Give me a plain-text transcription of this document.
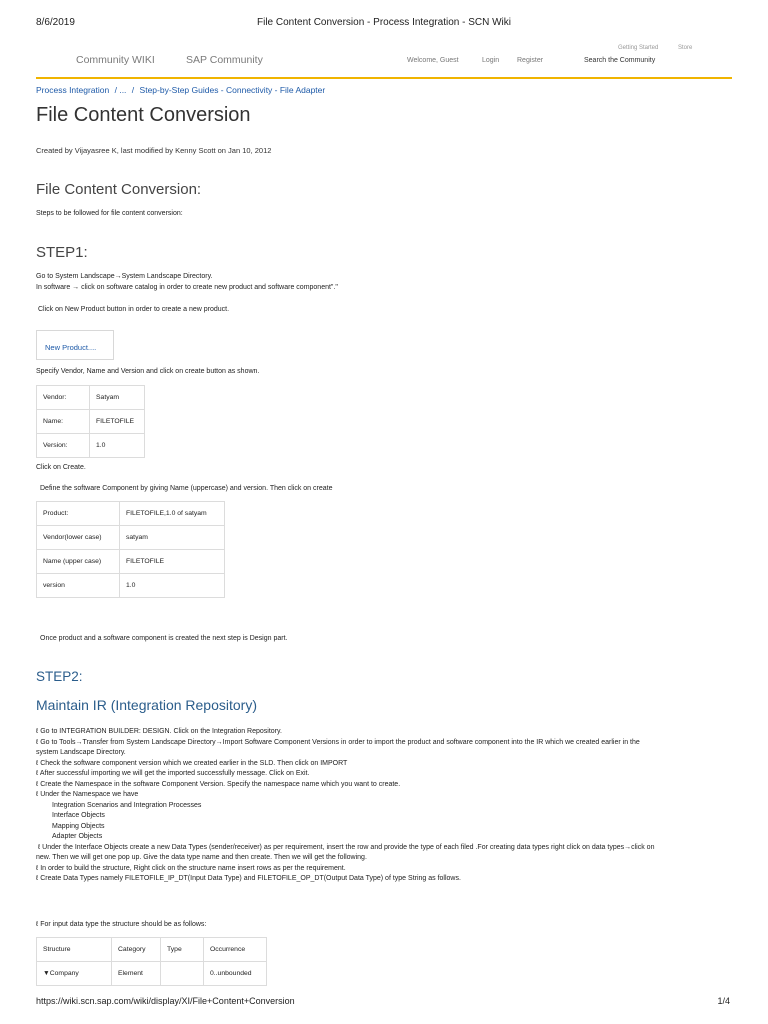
8/6/2019	File Content Conversion - Process Integration - SCN Wiki
Community WIKI	SAP Community
Getting Started	Store
Welcome, Guest	Login	Register	Search the Community
Process Integration / ... / Step-by-Step Guides - Connectivity - File Adapter
File Content Conversion
Created by Vijayasree K, last modified by Kenny Scott on Jan 10, 2012
File Content Conversion:
Steps to be followed for file content conversion:
STEP1:
Go to System Landscape→System Landscape Directory.
In software → click on software catalog in order to create new product and software component"."
Click on New Product button in order to create a new product.
New Product....
Specify Vendor, Name and Version and click on create button as shown.
Vendor:	Satyam
Name:	FILETOFILE
Version:	1.0
Click on Create.
Define the software Component by giving Name (uppercase) and version. Then click on create
Product:	FILETOFILE,1.0 of satyam
Vendor(lower case)	satyam
Name (upper case)	FILETOFILE
version	1.0
Once product and a software component is created the next step is Design part.
STEP2:
Maintain IR (Integration Repository)
ℓ Go to INTEGRATION BUILDER: DESIGN. Click on the Integration Repository.
ℓ Go to Tools→Transfer from System Landscape Directory→Import Software Component Versions in order to import the product and software component into the IR which we created earlier in the
system Landscape Directory.
ℓ Check the software component version which we created earlier in the SLD. Then click on IMPORT
ℓ After successful importing we will get the imported successfully message. Click on Exit.
ℓ Create the Namespace in the software Component Version. Specify the namespace name which you want to create.
ℓ Under the Namespace we have
Integration Scenarios and Integration Processes
Interface Objects
Mapping Objects
Adapter Objects
ℓ Under the Interface Objects create a new Data Types (sender/receiver) as per requirement, insert the row and provide the type of each filed .For creating data types right click on data types→click on
new. Then we will get one pop up. Give the data type name and then create. Then we will get the following.
ℓ In order to build the structure, Right click on the structure name insert rows as per the requirement.
ℓ Create Data Types namely FILETOFILE_IP_DT(Input Data Type) and FILETOFILE_OP_DT(Output Data Type) of type String as follows.
ℓ For input data type the structure should be as follows:
Structure	Category	Type	Occurrence
▼Company	Element		0..unbounded
https://wiki.scn.sap.com/wiki/display/XI/File+Content+Conversion	1/4
